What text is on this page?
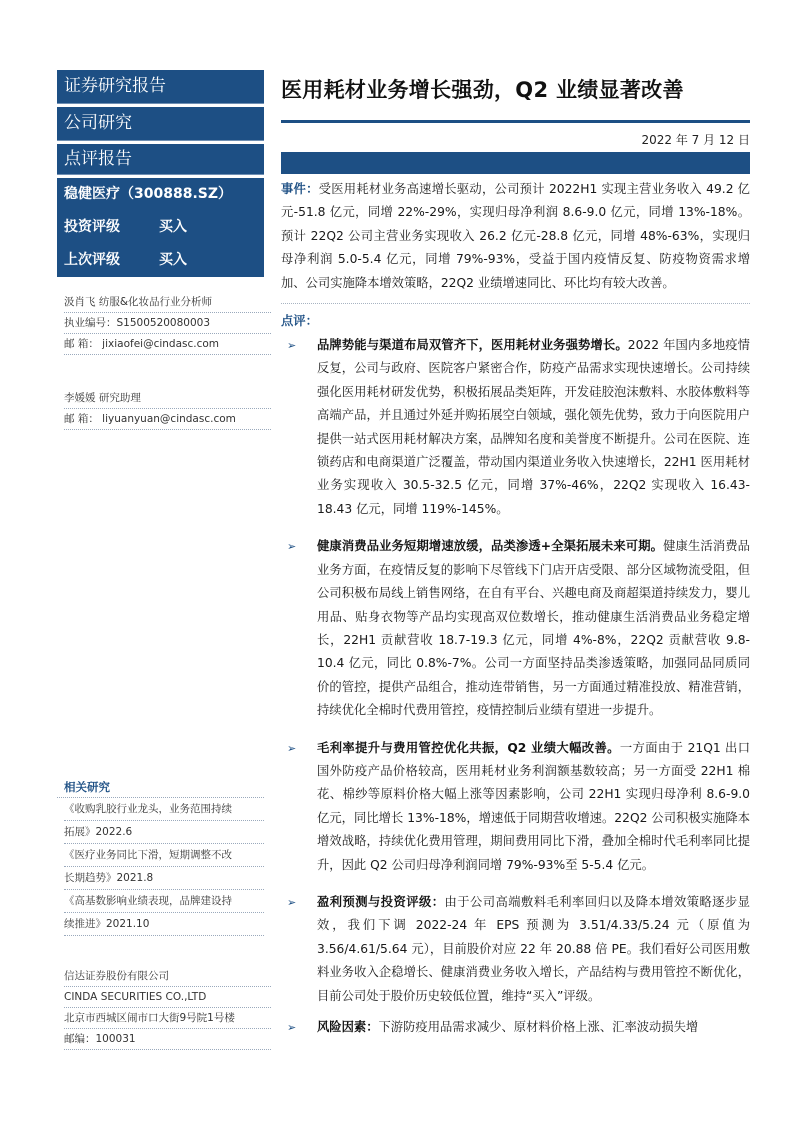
证券研究报告
公司研究
点评报告
稳健医疗（300888.SZ）
投资评级	买入
上次评级	买入
汲肖飞 纺服&化妆品行业分析师
执业编号：S1500520080003
邮 箱： jixiaofei@cindasc.com
李媛媛 研究助理
邮 箱： liyuanyuan@cindasc.com
相关研究
《收购乳胶行业龙头，业务范围持续
拓展》2022.6
《医疗业务同比下滑，短期调整不改
长期趋势》2021.8
《高基数影响业绩表现，品牌建设持
续推进》2021.10
信达证券股份有限公司
CINDA SECURITIES CO.,LTD
北京市西城区闹市口大街9号院1号楼
邮编：100031
医用耗材业务增长强劲，Q2 业绩显著改善
2022 年 7 月 12 日
事件：受医用耗材业务高速增长驱动，公司预计 2022H1 实现主营业务收入 49.2 亿元-51.8 亿元，同增 22%-29%，实现归母净利润 8.6-9.0 亿元，同增 13%-18%。预计 22Q2 公司主营业务实现收入 26.2 亿元-28.8 亿元，同增 48%-63%，实现归母净利润 5.0-5.4 亿元，同增 79%-93%，受益于国内疫情反复、防疫物资需求增加、公司实施降本增效策略，22Q2 业绩增速同比、环比均有较大改善。
点评：
➢	品牌势能与渠道布局双管齐下，医用耗材业务强势增长。2022 年国内多地疫情反复，公司与政府、医院客户紧密合作，防疫产品需求实现快速增长。公司持续强化医用耗材研发优势，积极拓展品类矩阵，开发硅胶泡沫敷料、水胶体敷料等高端产品，并且通过外延并购拓展空白领域，强化领先优势，致力于向医院用户提供一站式医用耗材解决方案，品牌知名度和美誉度不断提升。公司在医院、连锁药店和电商渠道广泛覆盖，带动国内渠道业务收入快速增长，22H1 医用耗材业务实现收入 30.5-32.5 亿元，同增 37%-46%，22Q2 实现收入 16.43-18.43 亿元，同增 119%-145%。
➢	健康消费品业务短期增速放缓，品类渗透+全渠拓展未来可期。健康生活消费品业务方面，在疫情反复的影响下尽管线下门店开店受限、部分区域物流受阻，但公司积极布局线上销售网络，在自有平台、兴趣电商及商超渠道持续发力，婴儿用品、贴身衣物等产品均实现高双位数增长，推动健康生活消费品业务稳定增长，22H1 贡献营收 18.7-19.3 亿元，同增 4%-8%，22Q2 贡献营收 9.8-10.4 亿元，同比 0.8%-7%。公司一方面坚持品类渗透策略，加强同品同质同价的管控，提供产品组合，推动连带销售，另一方面通过精准投放、精准营销，持续优化全棉时代费用管控，疫情控制后业绩有望进一步提升。
➢	毛利率提升与费用管控优化共振，Q2 业绩大幅改善。一方面由于 21Q1 出口国外防疫产品价格较高，医用耗材业务利润额基数较高；另一方面受 22H1 棉花、棉纱等原料价格大幅上涨等因素影响，公司 22H1 实现归母净利 8.6-9.0 亿元，同比增长 13%-18%，增速低于同期营收增速。22Q2 公司积极实施降本增效战略，持续优化费用管理，期间费用同比下滑，叠加全棉时代毛利率同比提升，因此 Q2 公司归母净利润同增 79%-93%至 5-5.4 亿元。
➢	盈利预测与投资评级：由于公司高端敷料毛利率回归以及降本增效策略逐步显效，我们下调 2022-24 年 EPS 预测为 3.51/4.33/5.24 元（原值为 3.56/4.61/5.64 元），目前股价对应 22 年 20.88 倍 PE。我们看好公司医用敷料业务收入企稳增长、健康消费业务收入增长，产品结构与费用管控不断优化，目前公司处于股价历史较低位置，维持“买入”评级。
➢	风险因素：下游防疫用品需求减少、原材料价格上涨、汇率波动损失增
